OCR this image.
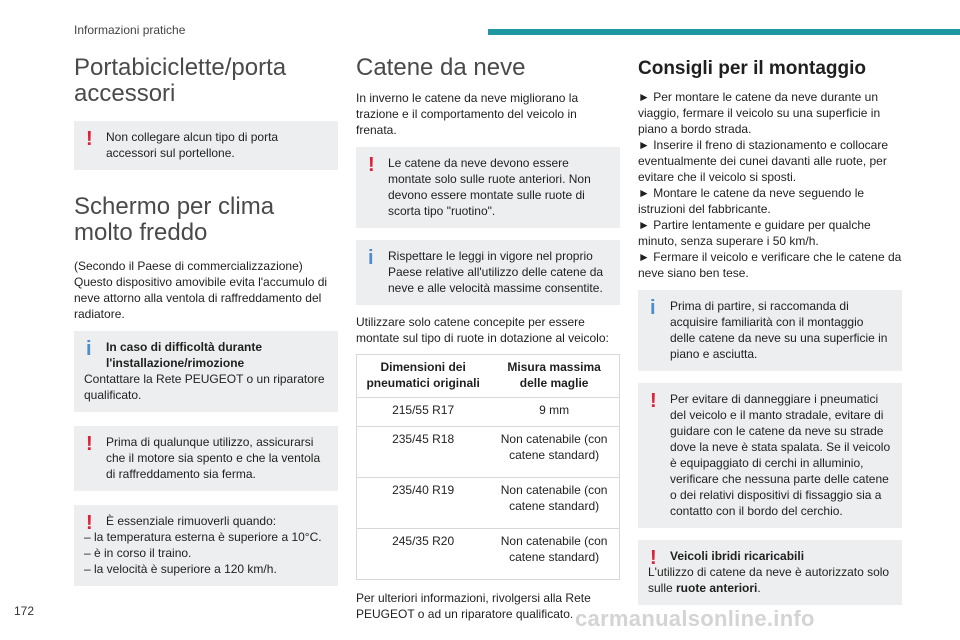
Informazioni pratiche
Portabiciclette/porta accessori
!	Non collegare alcun tipo di porta accessori sul portellone.
Schermo per clima molto freddo

(Secondo il Paese di commercializzazione) Questo dispositivo amovibile evita l'accumulo di neve attorno alla ventola di raffreddamento del radiatore.

i	In caso di difficoltà durante l'installazione/rimozione
Contattare la Rete PEUGEOT o un riparatore qualificato.
!	Prima di qualunque utilizzo, assicurarsi che il motore sia spento e che la ventola di raffreddamento sia ferma.
!	È essenziale rimuoverli quando:
– la temperatura esterna è superiore a 10°C.
– è in corso il traino.
– la velocità è superiore a 120 km/h.
Catene da neve

In inverno le catene da neve migliorano la trazione e il comportamento del veicolo in frenata.

!	Le catene da neve devono essere montate solo sulle ruote anteriori. Non devono essere montate sulle ruote di scorta tipo "ruotino".
i	Rispettare le leggi in vigore nel proprio Paese relative all'utilizzo delle catene da neve e alle velocità massime consentite.

Utilizzare solo catene concepite per essere montate sul tipo di ruote in dotazione al veicolo:

Dimensioni dei pneumatici originali	Misura massima delle maglie
215/55 R17	9 mm
235/45 R18	Non catenabile (con catene standard)
235/40 R19	Non catenabile (con catene standard)
245/35 R20	Non catenabile (con catene standard)

Per ulteriori informazioni, rivolgersi alla Rete PEUGEOT o ad un riparatore qualificato.

Consigli per il montaggio

► Per montare le catene da neve durante un viaggio, fermare il veicolo su una superficie in piano a bordo strada.

► Inserire il freno di stazionamento e collocare eventualmente dei cunei davanti alle ruote, per evitare che il veicolo si sposti.

► Montare le catene da neve seguendo le istruzioni del fabbricante.

► Partire lentamente e guidare per qualche minuto, senza superare i 50 km/h.

► Fermare il veicolo e verificare che le catene da neve siano ben tese.

i	Prima di partire, si raccomanda di acquisire familiarità con il montaggio delle catene da neve su una superficie in piano e asciutta.
!	Per evitare di danneggiare i pneumatici del veicolo e il manto stradale, evitare di guidare con le catene da neve su strade dove la neve è stata spalata. Se il veicolo è equipaggiato di cerchi in alluminio, verificare che nessuna parte delle catene o dei relativi dispositivi di fissaggio sia a contatto con il bordo del cerchio.
!	Veicoli ibridi ricaricabili
L'utilizzo di catene da neve è autorizzato solo sulle ruote anteriori.
172	carmanualsonline.info
